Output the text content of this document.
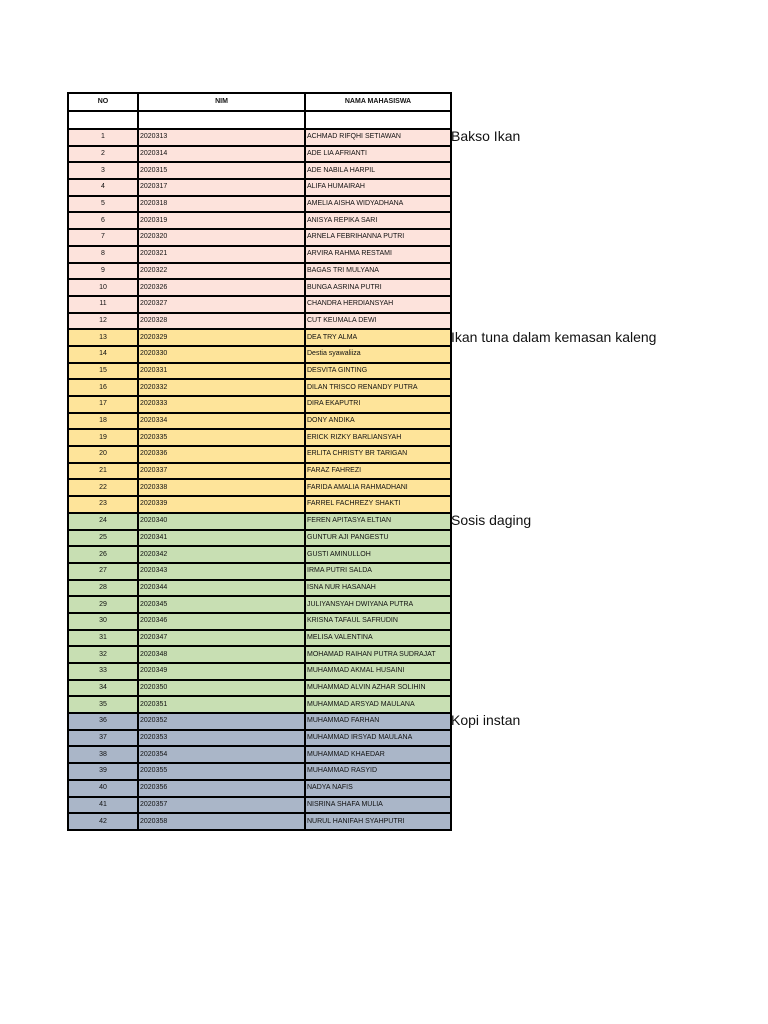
NO	NIM	NAMA MAHASISWA

1	2020313	ACHMAD RIFQHI SETIAWAN
2	2020314	ADE LIA AFRIANTI
3	2020315	ADE NABILA HARPIL
4	2020317	ALIFA HUMAIRAH
5	2020318	AMELIA AISHA WIDYADHANA
6	2020319	ANISYA REPIKA SARI
7	2020320	ARNELA FEBRIHANNA PUTRI
8	2020321	ARVIRA RAHMA RESTAMI
9	2020322	BAGAS TRI MULYANA
10	2020326	BUNGA ASRINA PUTRI
11	2020327	CHANDRA HERDIANSYAH
12	2020328	CUT KEUMALA DEWI
13	2020329	DEA TRY ALMA
14	2020330	Destia syawaliiza
15	2020331	DESVITA GINTING
16	2020332	DILAN TRISCO RENANDY PUTRA
17	2020333	DIRA EKAPUTRI
18	2020334	DONY ANDIKA
19	2020335	ERICK RIZKY BARLIANSYAH
20	2020336	ERLITA CHRISTY BR TARIGAN
21	2020337	FARAZ FAHREZI
22	2020338	FARIDA AMALIA RAHMADHANI
23	2020339	FARREL FACHREZY SHAKTI
24	2020340	FEREN APITASYA ELTIAN
25	2020341	GUNTUR AJI PANGESTU
26	2020342	GUSTI AMINULLOH
27	2020343	IRMA PUTRI SALDA
28	2020344	ISNA NUR HASANAH
29	2020345	JULIYANSYAH DWIYANA PUTRA
30	2020346	KRISNA TAFAUL SAFRUDIN
31	2020347	MELISA VALENTINA
32	2020348	MOHAMAD RAIHAN PUTRA SUDRAJAT
33	2020349	MUHAMMAD AKMAL HUSAINI
34	2020350	MUHAMMAD ALVIN AZHAR SOLIHIN
35	2020351	MUHAMMAD ARSYAD MAULANA
36	2020352	MUHAMMAD FARHAN
37	2020353	MUHAMMAD IRSYAD MAULANA
38	2020354	MUHAMMAD KHAEDAR
39	2020355	MUHAMMAD RASYID
40	2020356	NADYA NAFIS
41	2020357	NISRINA SHAFA MULIA
42	2020358	NURUL HANIFAH SYAHPUTRI
Bakso Ikan
Ikan tuna dalam kemasan kaleng
Sosis daging
Kopi instan
